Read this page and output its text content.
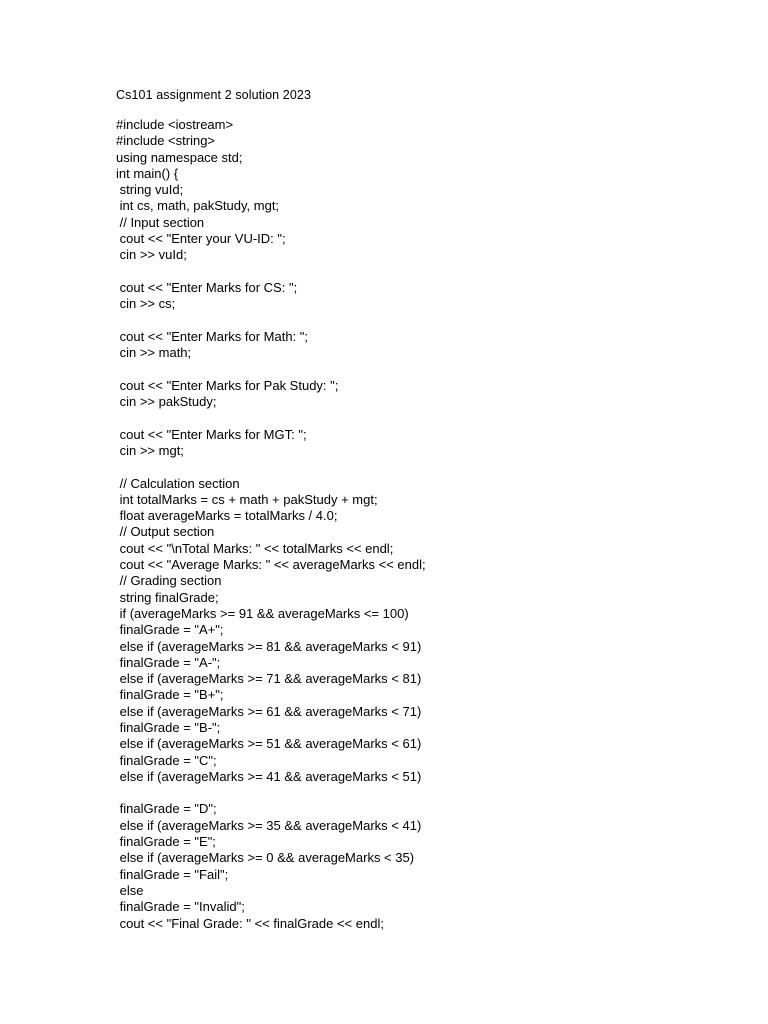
Cs101 assignment 2 solution 2023
#include <iostream>
#include <string>
using namespace std;
int main() {
string vuId;
int cs, math, pakStudy, mgt;
// Input section
cout << "Enter your VU-ID: ";
cin >> vuId;
cout << "Enter Marks for CS: ";
cin >> cs;
cout << "Enter Marks for Math: ";
cin >> math;
cout << "Enter Marks for Pak Study: ";
cin >> pakStudy;
cout << "Enter Marks for MGT: ";
cin >> mgt;
// Calculation section
int totalMarks = cs + math + pakStudy + mgt;
float averageMarks = totalMarks / 4.0;
// Output section
cout << "\nTotal Marks: " << totalMarks << endl;
cout << "Average Marks: " << averageMarks << endl;
// Grading section
string finalGrade;
if (averageMarks >= 91 && averageMarks <= 100)
finalGrade = "A+";
else if (averageMarks >= 81 && averageMarks < 91)
finalGrade = "A-";
else if (averageMarks >= 71 && averageMarks < 81)
finalGrade = "B+";
else if (averageMarks >= 61 && averageMarks < 71)
finalGrade = "B-";
else if (averageMarks >= 51 && averageMarks < 61)
finalGrade = "C";
else if (averageMarks >= 41 && averageMarks < 51)
finalGrade = "D";
else if (averageMarks >= 35 && averageMarks < 41)
finalGrade = "E";
else if (averageMarks >= 0 && averageMarks < 35)
finalGrade = "Fail";
else
finalGrade = "Invalid";
cout << "Final Grade: " << finalGrade << endl;
